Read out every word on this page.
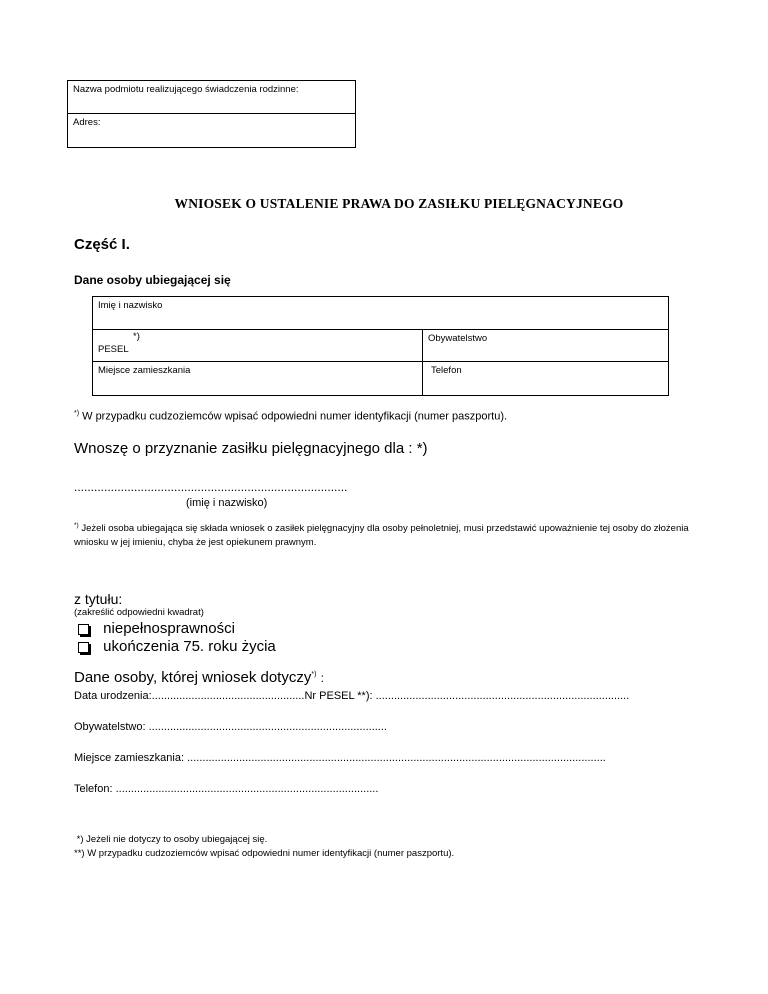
Nazwa podmiotu realizującego świadczenia rodzinne:
Adres:
WNIOSEK O USTALENIE PRAWA DO ZASIŁKU PIELĘGNACYJNEGO
Część I.
Dane osoby ubiegającej się
Imię i nazwisko
*)
PESEL
Obywatelstwo
Miejsce zamieszkania	Telefon
*) W przypadku cudzoziemców wpisać odpowiedni numer identyfikacji (numer paszportu).
Wnoszę o przyznanie zasiłku pielęgnacyjnego dla : *)
..................................................................................
(imię i nazwisko)
*) Jeżeli osoba ubiegająca się składa wniosek o zasiłek pielęgnacyjny dla osoby pełnoletniej, musi przedstawić upoważnienie tej osoby do złożenia wniosku w jej imieniu, chyba że jest opiekunem prawnym.
z tytułu:
(zakreślić odpowiedni kwadrat)
niepełnosprawności
ukończenia 75. roku życia
Dane osoby, której wniosek dotyczy*) :
Data urodzenia:..................................................Nr PESEL **): ...................................................................................
Obywatelstwo: ..............................................................................
Miejsce zamieszkania: .........................................................................................................................................
Telefon: ......................................................................................
*) Jeżeli nie dotyczy to osoby ubiegającej się.
**) W przypadku cudzoziemców wpisać odpowiedni numer identyfikacji (numer paszportu).
